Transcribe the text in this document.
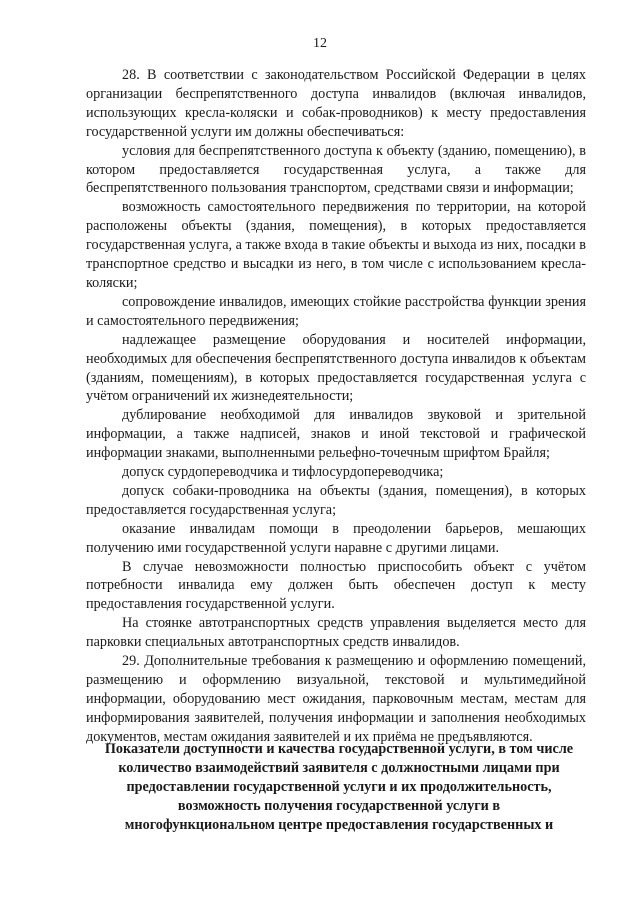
12

28. В соответствии с законодательством Российской Федерации в целях организации беспрепятственного доступа инвалидов (включая инвалидов, использующих кресла-коляски и собак-проводников) к месту предоставления государственной услуги им должны обеспечиваться:

условия для беспрепятственного доступа к объекту (зданию, помещению), в котором предоставляется государственная услуга, а также для беспрепятственного пользования транспортом, средствами связи и информации;

возможность самостоятельного передвижения по территории, на которой расположены объекты (здания, помещения), в которых предоставляется государственная услуга, а также входа в такие объекты и выхода из них, посадки в транспортное средство и высадки из него, в том числе с использованием кресла-коляски;

сопровождение инвалидов, имеющих стойкие расстройства функции зрения и самостоятельного передвижения;

надлежащее размещение оборудования и носителей информации, необходимых для обеспечения беспрепятственного доступа инвалидов к объектам (зданиям, помещениям), в которых предоставляется государственная услуга с учётом ограничений их жизнедеятельности;

дублирование необходимой для инвалидов звуковой и зрительной информации, а также надписей, знаков и иной текстовой и графической информации знаками, выполненными рельефно-точечным шрифтом Брайля;

допуск сурдопереводчика и тифлосурдопереводчика;

допуск собаки-проводника на объекты (здания, помещения), в которых предоставляется государственная услуга;

оказание инвалидам помощи в преодолении барьеров, мешающих получению ими государственной услуги наравне с другими лицами.

В случае невозможности полностью приспособить объект с учётом потребности инвалида ему должен быть обеспечен доступ к месту предоставления государственной услуги.

На стоянке автотранспортных средств управления выделяется место для парковки специальных автотранспортных средств инвалидов.

29. Дополнительные требования к размещению и оформлению помещений, размещению и оформлению визуальной, текстовой и мультимедийной информации, оборудованию мест ожидания, парковочным местам, местам для информирования заявителей, получения информации и заполнения необходимых документов, местам ожидания заявителей и их приёма не предъявляются.

Показатели доступности и качества государственной услуги, в том числе
количество взаимодействий заявителя с должностными лицами при
предоставлении государственной услуги и их продолжительность,
возможность получения государственной услуги в
многофункциональном центре предоставления государственных и
